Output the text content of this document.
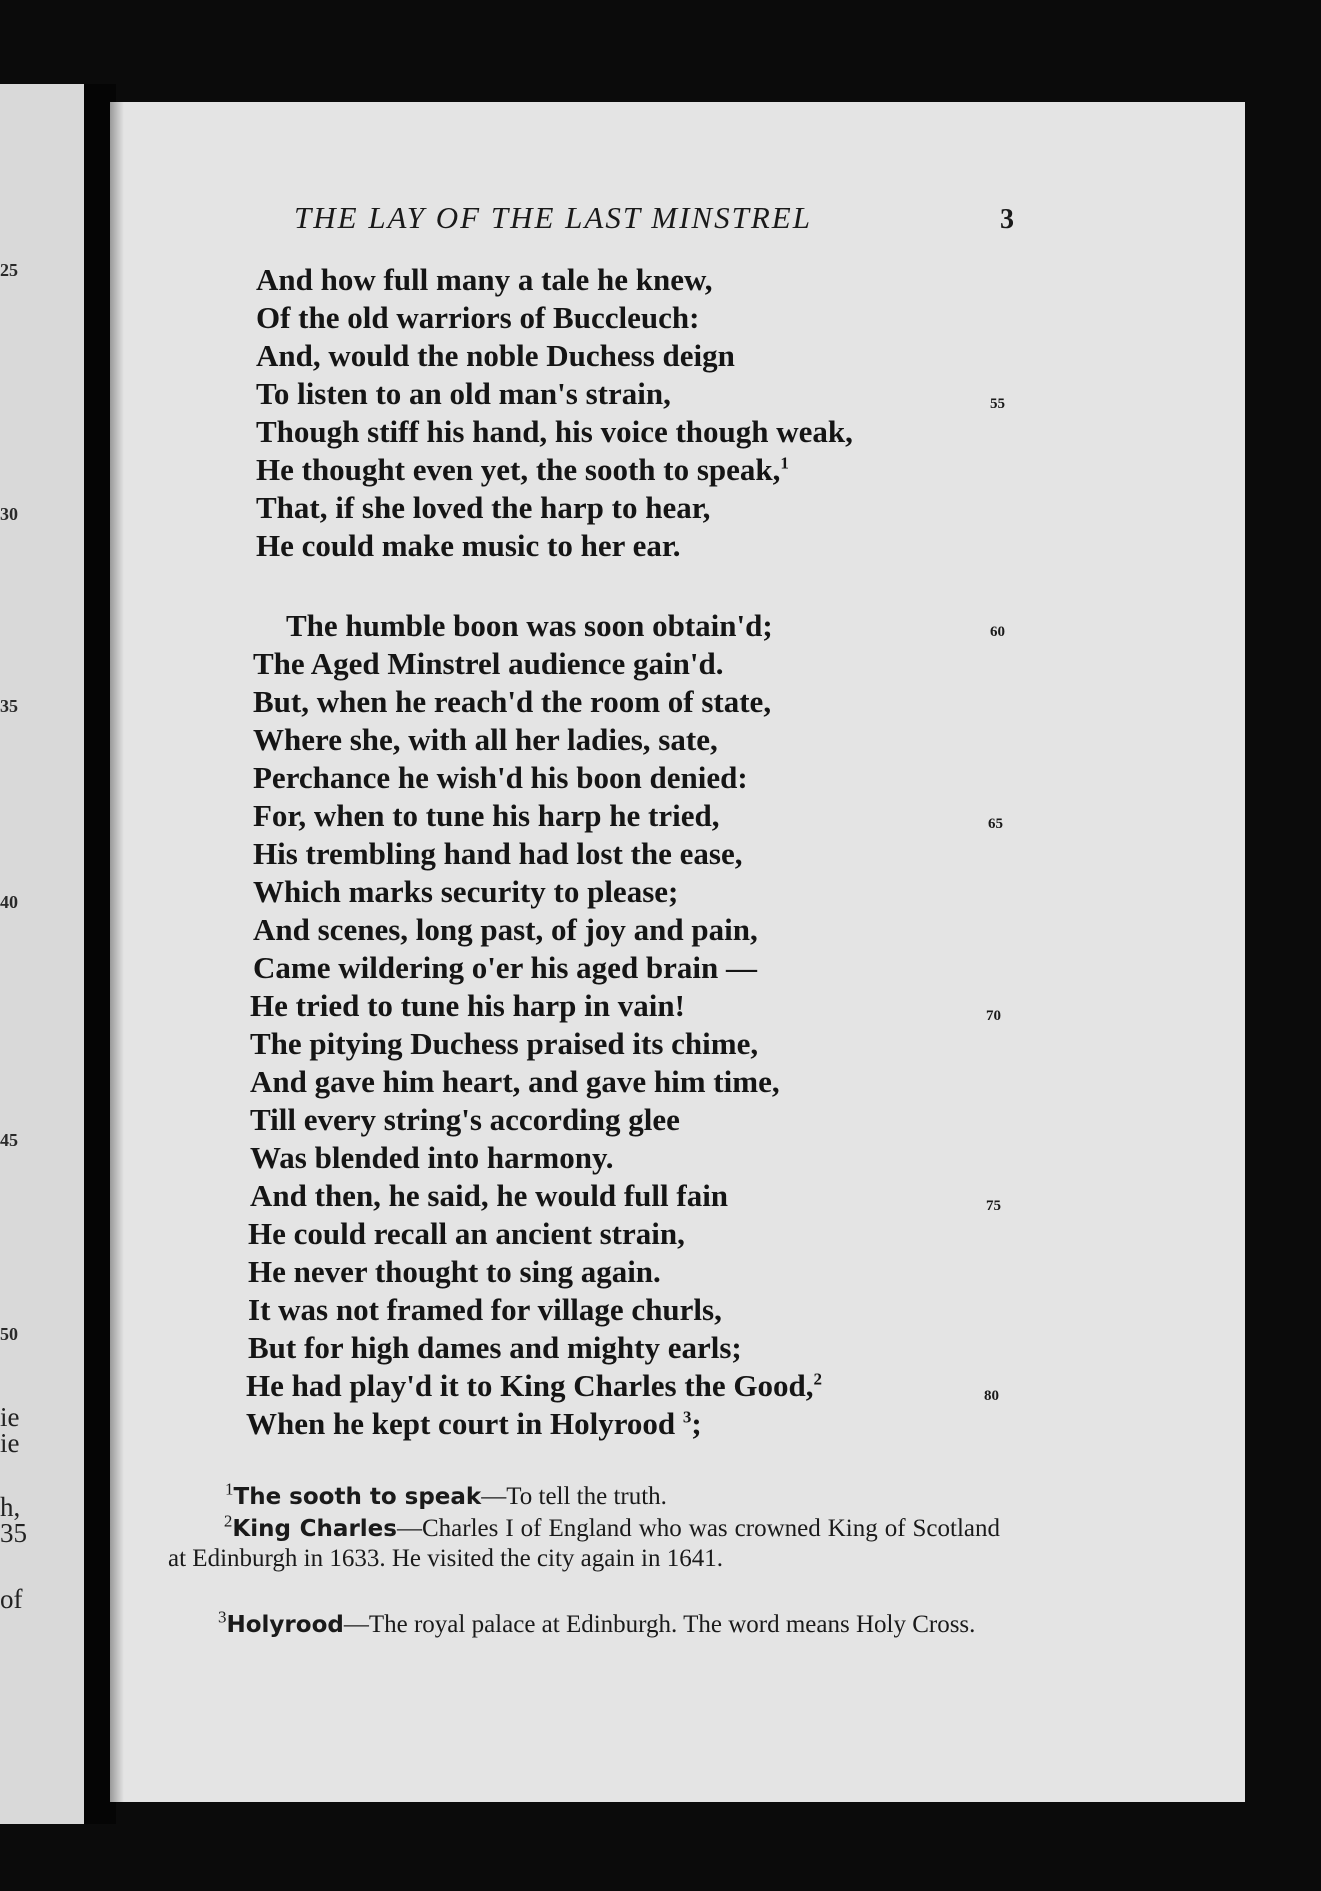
25
30
35
40
45
50
ie
ie
h,
35
of
THE LAY OF THE LAST MINSTREL	3
And how full many a tale he knew,
Of the old warriors of Buccleuch:
And, would the noble Duchess deign
To listen to an old man's strain,
Though stiff his hand, his voice though weak,
He thought even yet, the sooth to speak,$^1$
That, if she loved the harp to hear,
He could make music to her ear.
The humble boon was soon obtain'd;
The Aged Minstrel audience gain'd.
But, when he reach'd the room of state,
Where she, with all her ladies, sate,
Perchance he wish'd his boon denied:
For, when to tune his harp he tried,
His trembling hand had lost the ease,
Which marks security to please;
And scenes, long past, of joy and pain,
Came wildering o'er his aged brain —
He tried to tune his harp in vain!
The pitying Duchess praised its chime,
And gave him heart, and gave him time,
Till every string's according glee
Was blended into harmony.
And then, he said, he would full fain
He could recall an ancient strain,
He never thought to sing again.
It was not framed for village churls,
But for high dames and mighty earls;
He had play'd it to King Charles the Good,$^2$
When he kept court in Holyrood $^3$;
55
60
65
70
75
80
$^1$The sooth to speak—To tell the truth.
$^2$King Charles—Charles I of England who was crowned King of Scotland at Edinburgh in 1633. He visited the city again in 1641.
$^3$Holyrood—The royal palace at Edinburgh. The word means Holy Cross.
